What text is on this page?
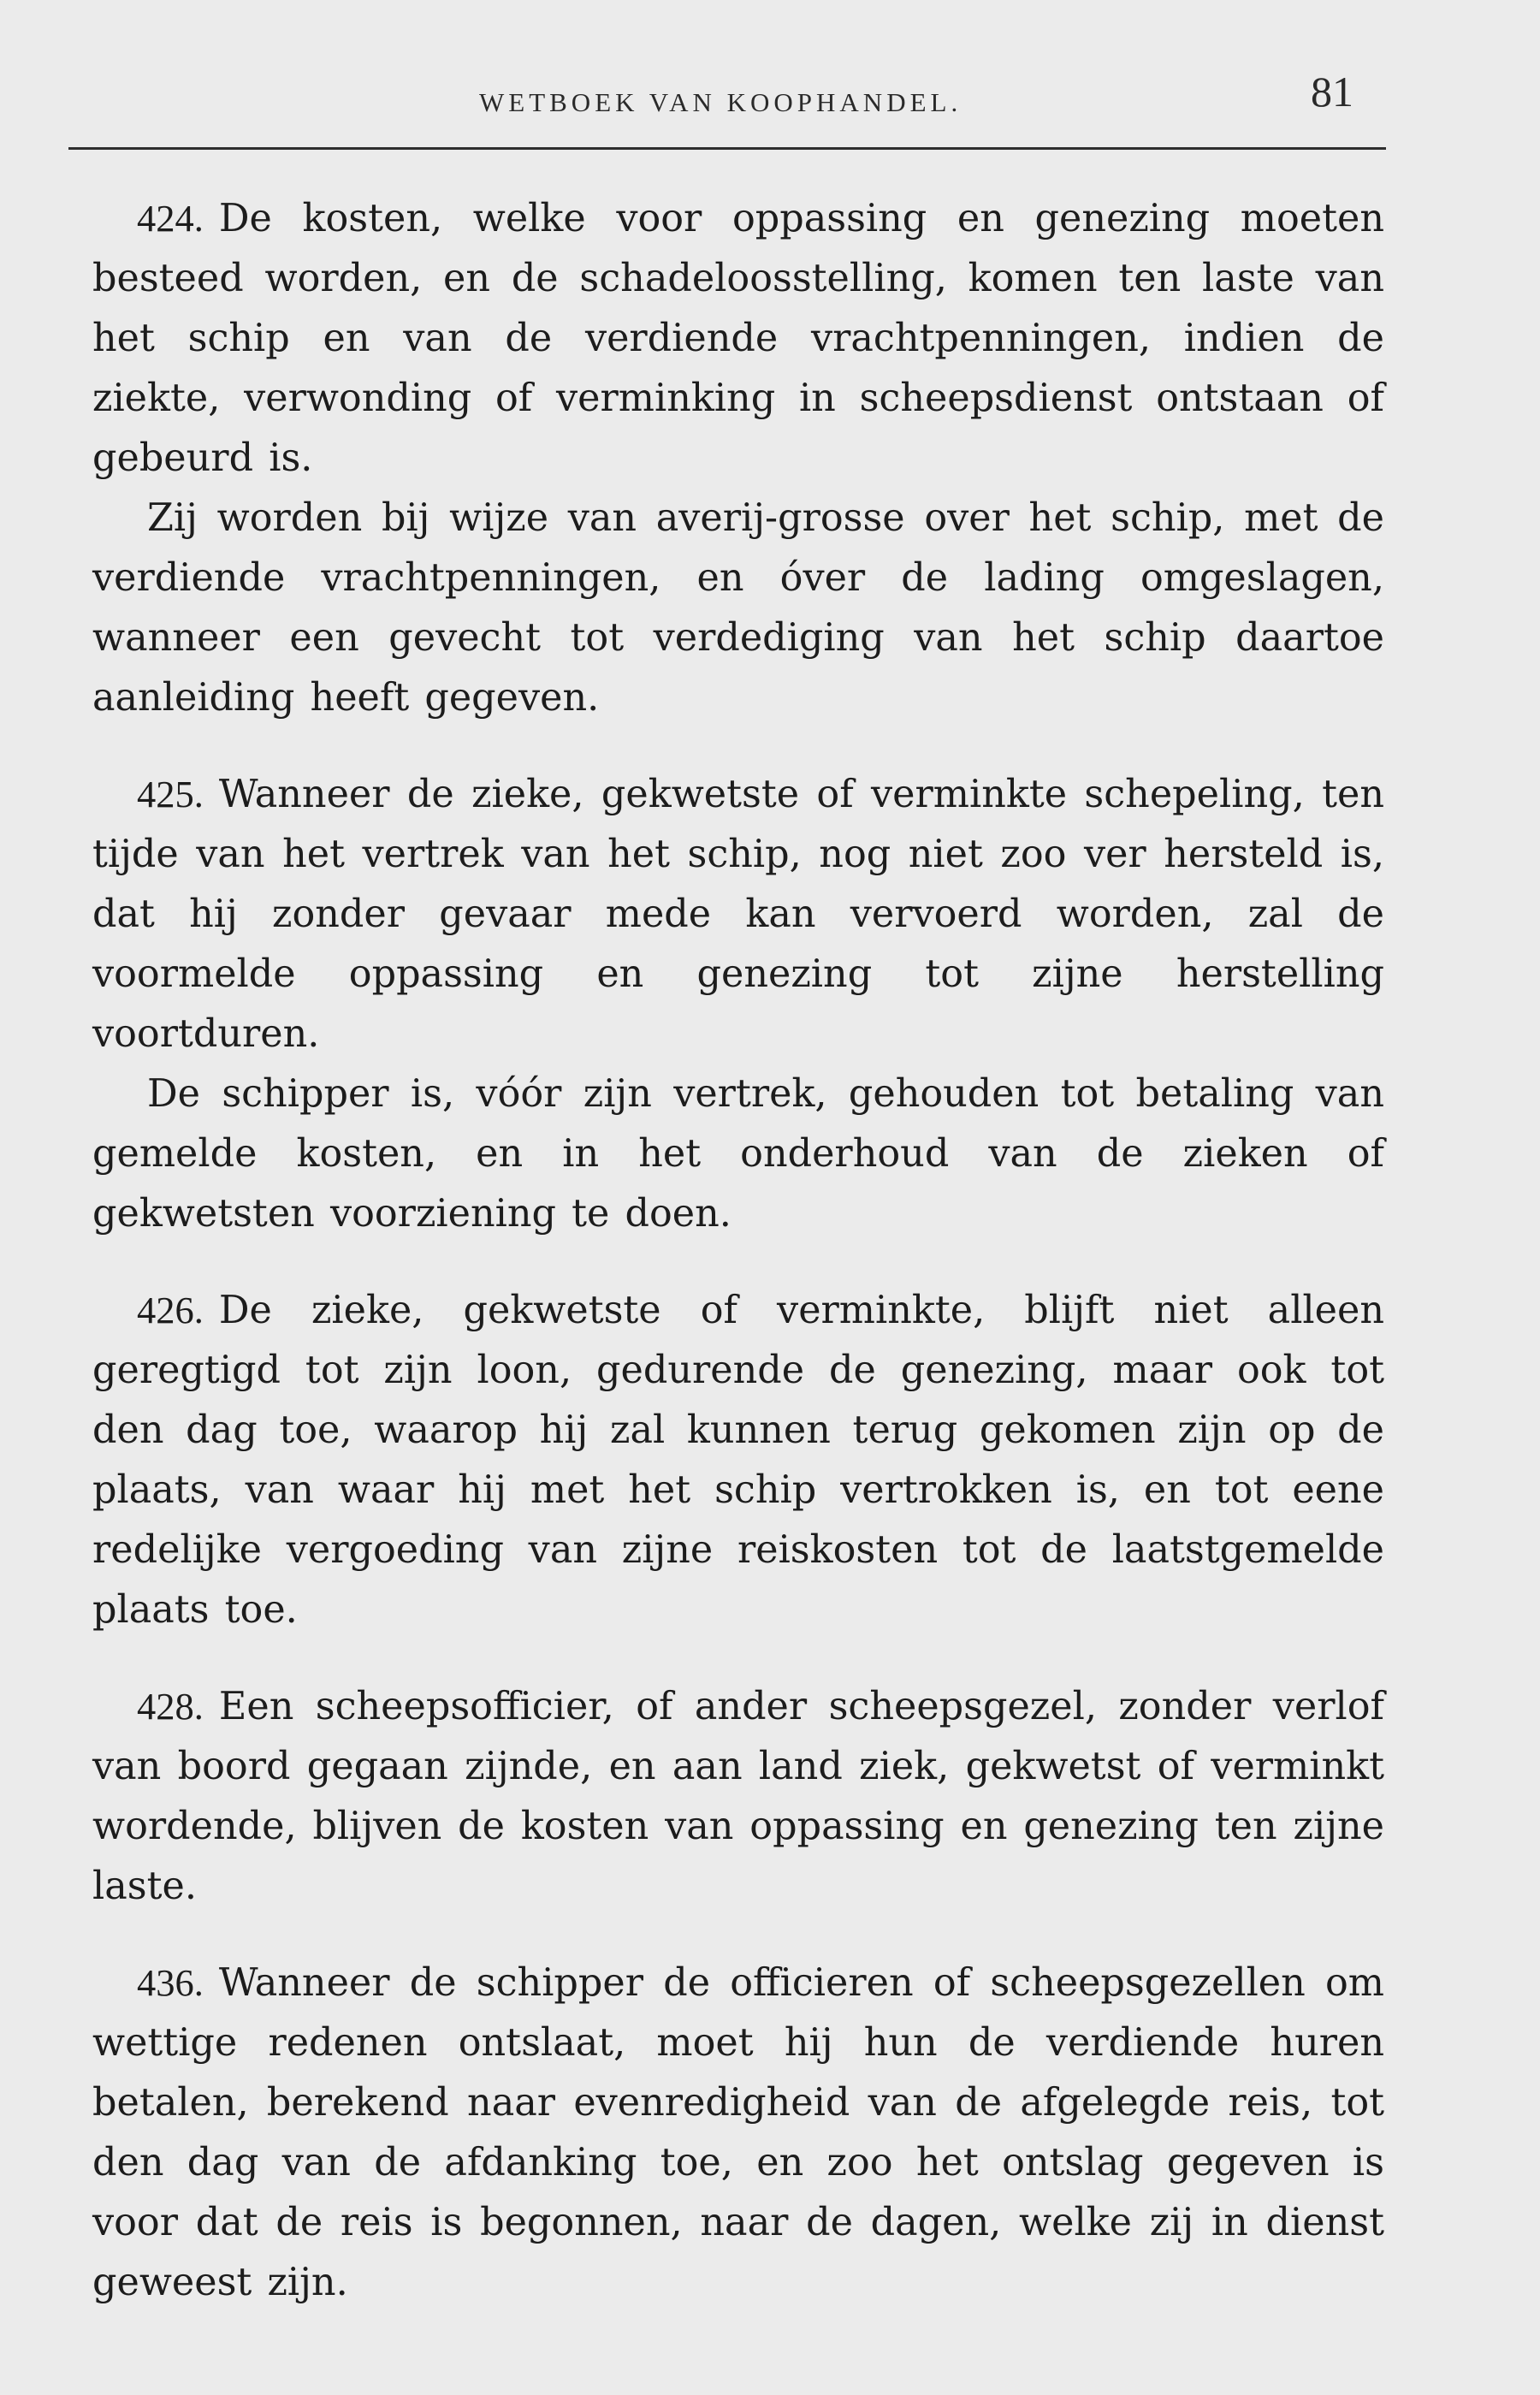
WETBOEK VAN KOOPHANDEL.	81

424. De kosten, welke voor oppassing en genezing moeten besteed worden, en de schadeloosstelling, komen ten laste van het schip en van de verdiende vrachtpenningen, indien de ziekte, verwonding of verminking in scheepsdienst ontstaan of gebeurd is.

Zij worden bij wijze van averij-grosse over het schip, met de verdiende vrachtpenningen, en óver de lading omgeslagen, wanneer een gevecht tot verdediging van het schip daartoe aanleiding heeft gegeven.

425. Wanneer de zieke, gekwetste of verminkte schepeling, ten tijde van het vertrek van het schip, nog niet zoo ver hersteld is, dat hij zonder gevaar mede kan vervoerd worden, zal de voormelde oppassing en genezing tot zijne herstelling voortduren.

De schipper is, vóór zijn vertrek, gehouden tot betaling van gemelde kosten, en in het onderhoud van de zieken of gekwetsten voorziening te doen.

426. De zieke, gekwetste of verminkte, blijft niet alleen geregtigd tot zijn loon, gedurende de genezing, maar ook tot den dag toe, waarop hij zal kunnen terug gekomen zijn op de plaats, van waar hij met het schip vertrokken is, en tot eene redelijke vergoeding van zijne reiskosten tot de laatstgemelde plaats toe.

428. Een scheepsofficier, of ander scheepsgezel, zonder verlof van boord gegaan zijnde, en aan land ziek, gekwetst of verminkt wordende, blijven de kosten van oppassing en genezing ten zijne laste.

436. Wanneer de schipper de officieren of scheepsgezellen om wettige redenen ontslaat, moet hij hun de verdiende huren betalen, berekend naar evenredigheid van de afgelegde reis, tot den dag van de afdanking toe, en zoo het ontslag gegeven is voor dat de reis is begonnen, naar de dagen, welke zij in dienst geweest zijn.
